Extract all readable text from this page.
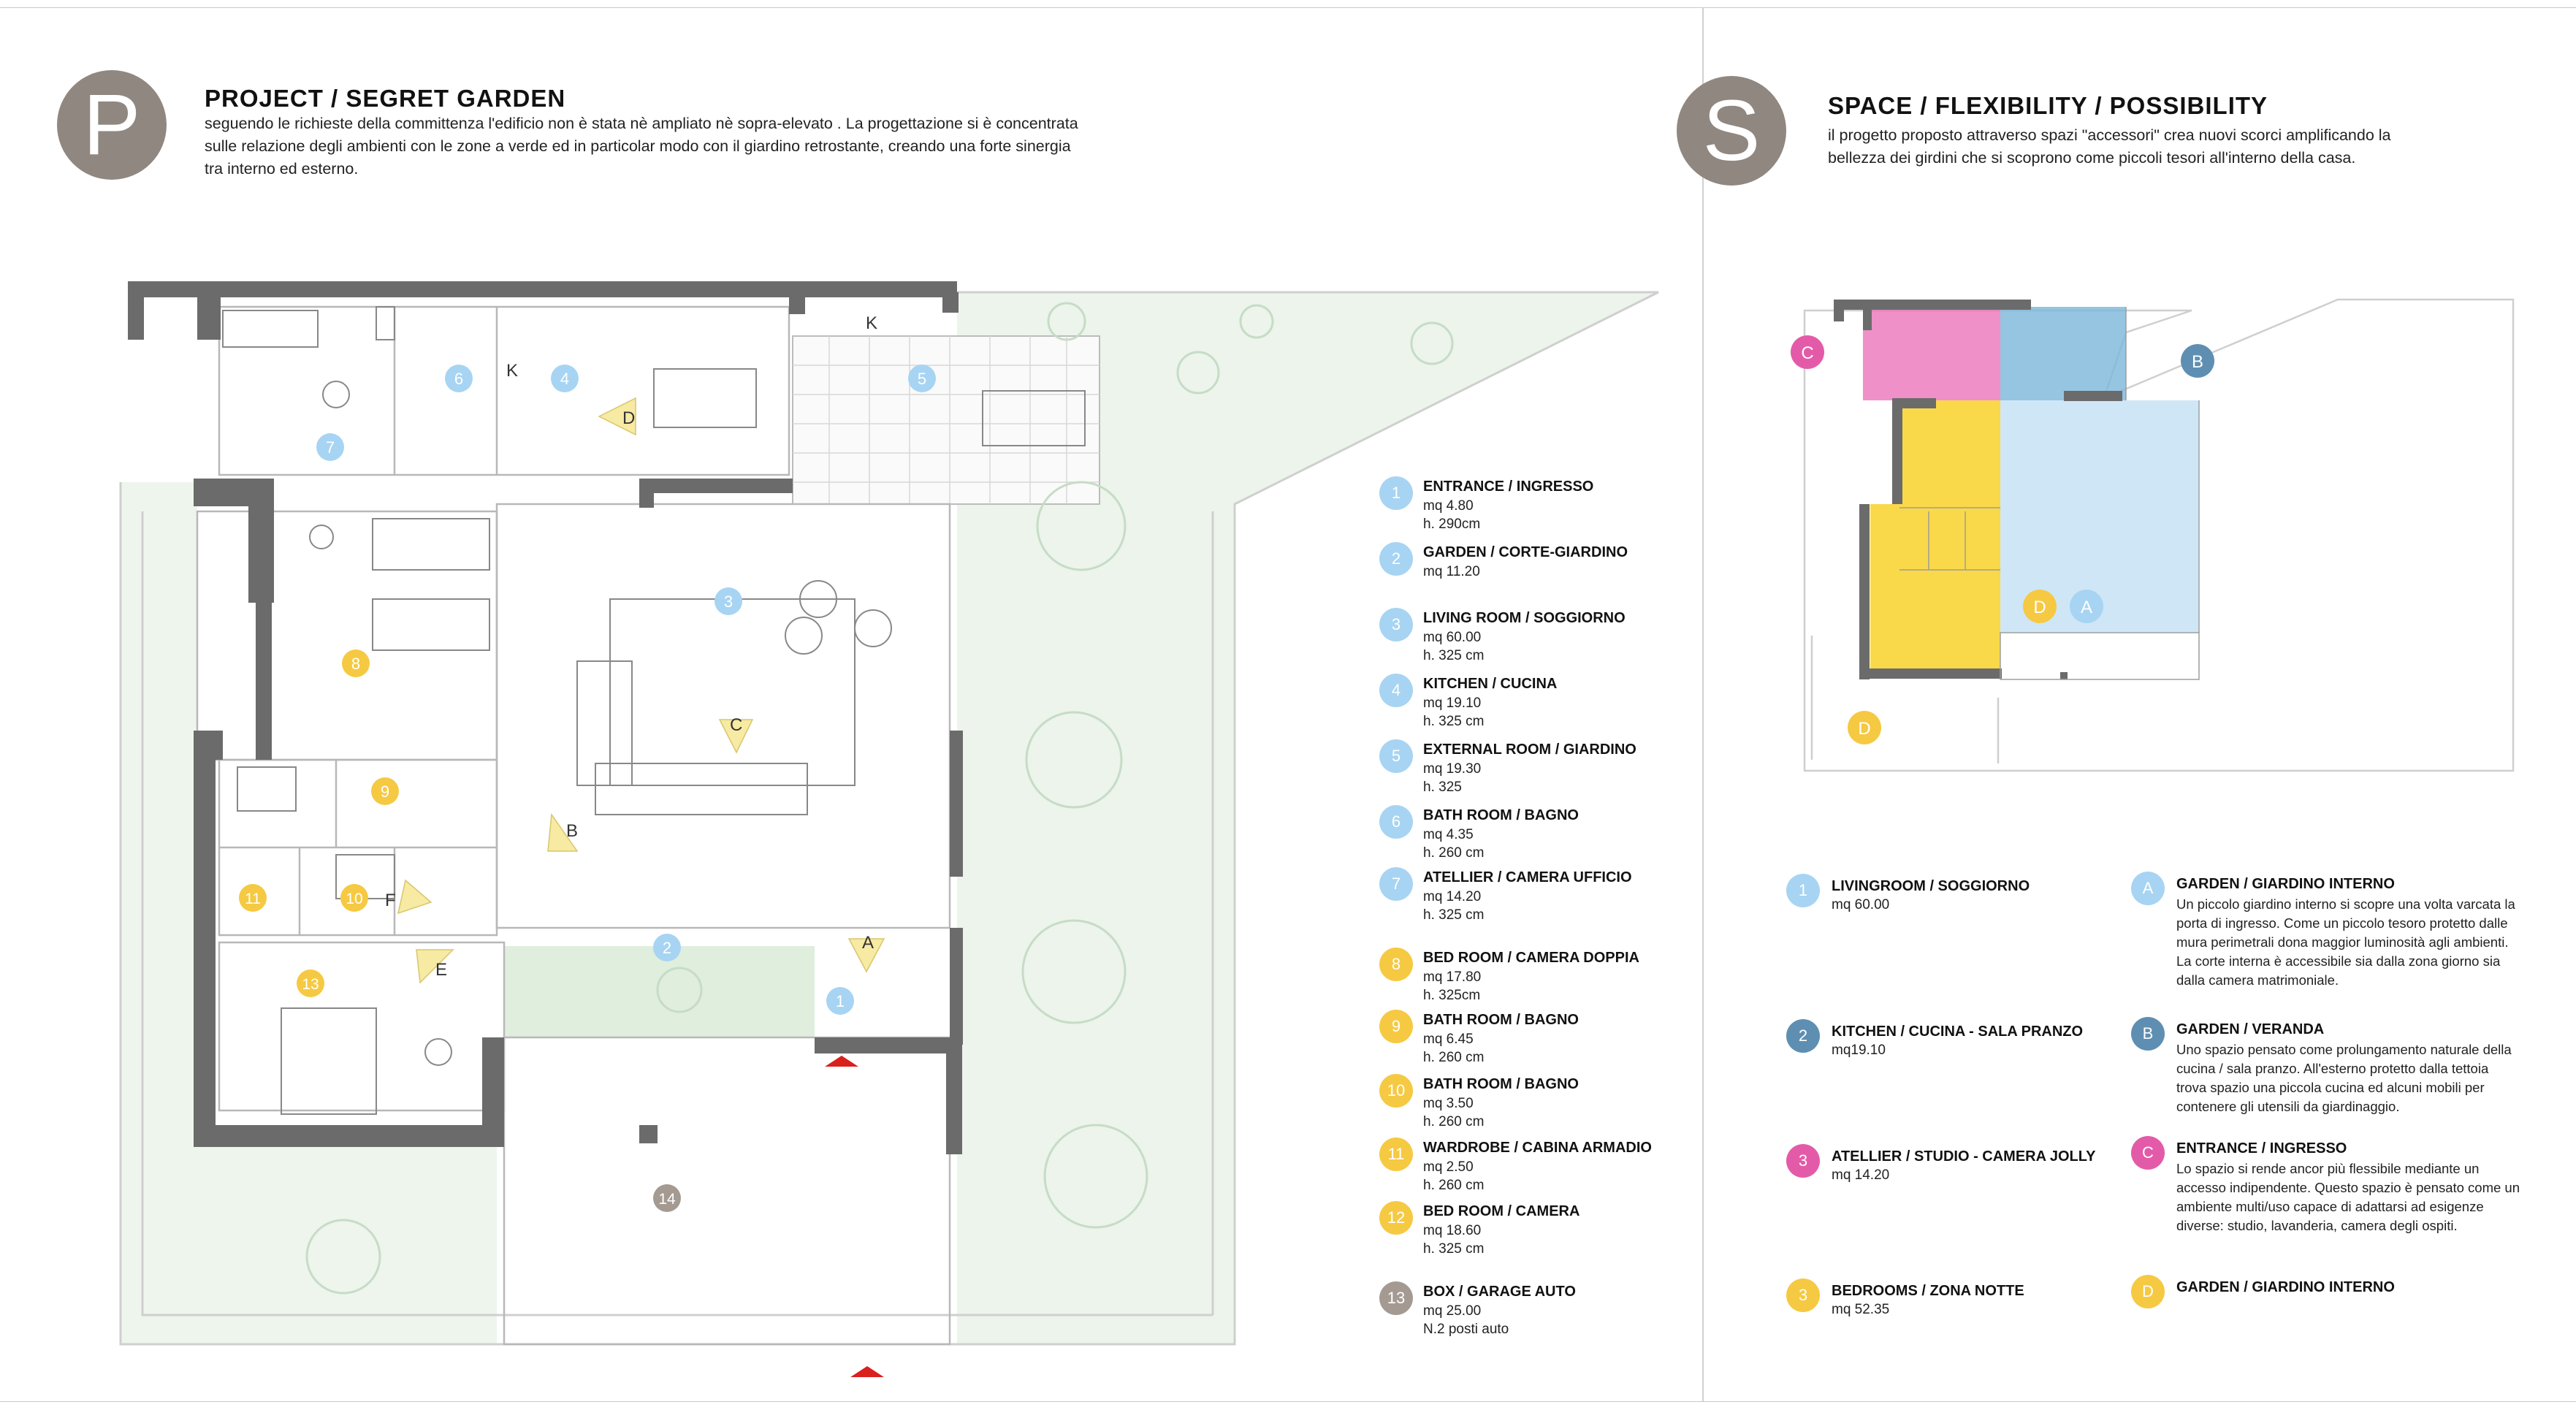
P	PROJECT / SEGRET GARDEN
seguendo le richieste della committenza l'edificio non è stata nè ampliato nè sopra-elevato . La progettazione si è concentrata
sulle relazione degli ambienti con le zone a verde ed in particolar modo con il giardino retrostante, creando una forte sinergia
tra interno ed esterno.	S	SPACE / FLEXIBILITY / POSSIBILITY
il progetto proposto attraverso spazi "accessori" crea nuovi scorci amplificando la
bellezza dei girdini che si scoprono come piccoli tesori all'interno della casa.
A
B
C
D
E
F
K
K
1
2
3
4	5
6
7
8
9
10
11
13
14
1	ENTRANCE / INGRESSO
mq 4.80
h. 290cm
2	GARDEN / CORTE-GIARDINO
mq 11.20
3	LIVING ROOM / SOGGIORNO
mq 60.00
h. 325 cm
4	KITCHEN / CUCINA
mq 19.10
h. 325 cm
5	EXTERNAL ROOM / GIARDINO
mq 19.30
h. 325
6	BATH ROOM / BAGNO
mq 4.35
h. 260 cm
7	ATELLIER / CAMERA UFFICIO
mq 14.20
h. 325 cm
8	BED ROOM / CAMERA DOPPIA
mq 17.80
h. 325cm
9	BATH ROOM / BAGNO
mq 6.45
h. 260 cm
10	BATH ROOM / BAGNO
mq 3.50
h. 260 cm
11	WARDROBE / CABINA ARMADIO
mq 2.50
h. 260 cm
12	BED ROOM / CAMERA
mq 18.60
h. 325 cm
13	BOX / GARAGE AUTO
mq 25.00
N.2 posti auto
A
B
C
D
D
1	LIVINGROOM / SOGGIORNO
mq 60.00
2	KITCHEN / CUCINA - SALA PRANZO
mq19.10
3	ATELLIER / STUDIO - CAMERA JOLLY
mq 14.20
3	BEDROOMS / ZONA NOTTE
mq 52.35
A	GARDEN / GIARDINO INTERNO
Un piccolo giardino interno si scopre una volta varcata la porta di ingresso. Come un piccolo tesoro protetto dalle mura perimetrali dona maggior luminosità agli ambienti. La corte interna è accessibile sia dalla zona giorno sia dalla camera matrimoniale.
B	GARDEN / VERANDA
Uno spazio pensato come prolungamento naturale della cucina / sala pranzo. All'esterno protetto dalla tettoia trova spazio una piccola cucina ed alcuni mobili per contenere gli utensili da giardinaggio.
C	ENTRANCE / INGRESSO
Lo spazio si rende ancor più flessibile mediante un accesso indipendente. Questo spazio è pensato come un ambiente multi/uso capace di adattarsi ad esigenze diverse: studio, lavanderia, camera degli ospiti.
D	GARDEN / GIARDINO INTERNO
